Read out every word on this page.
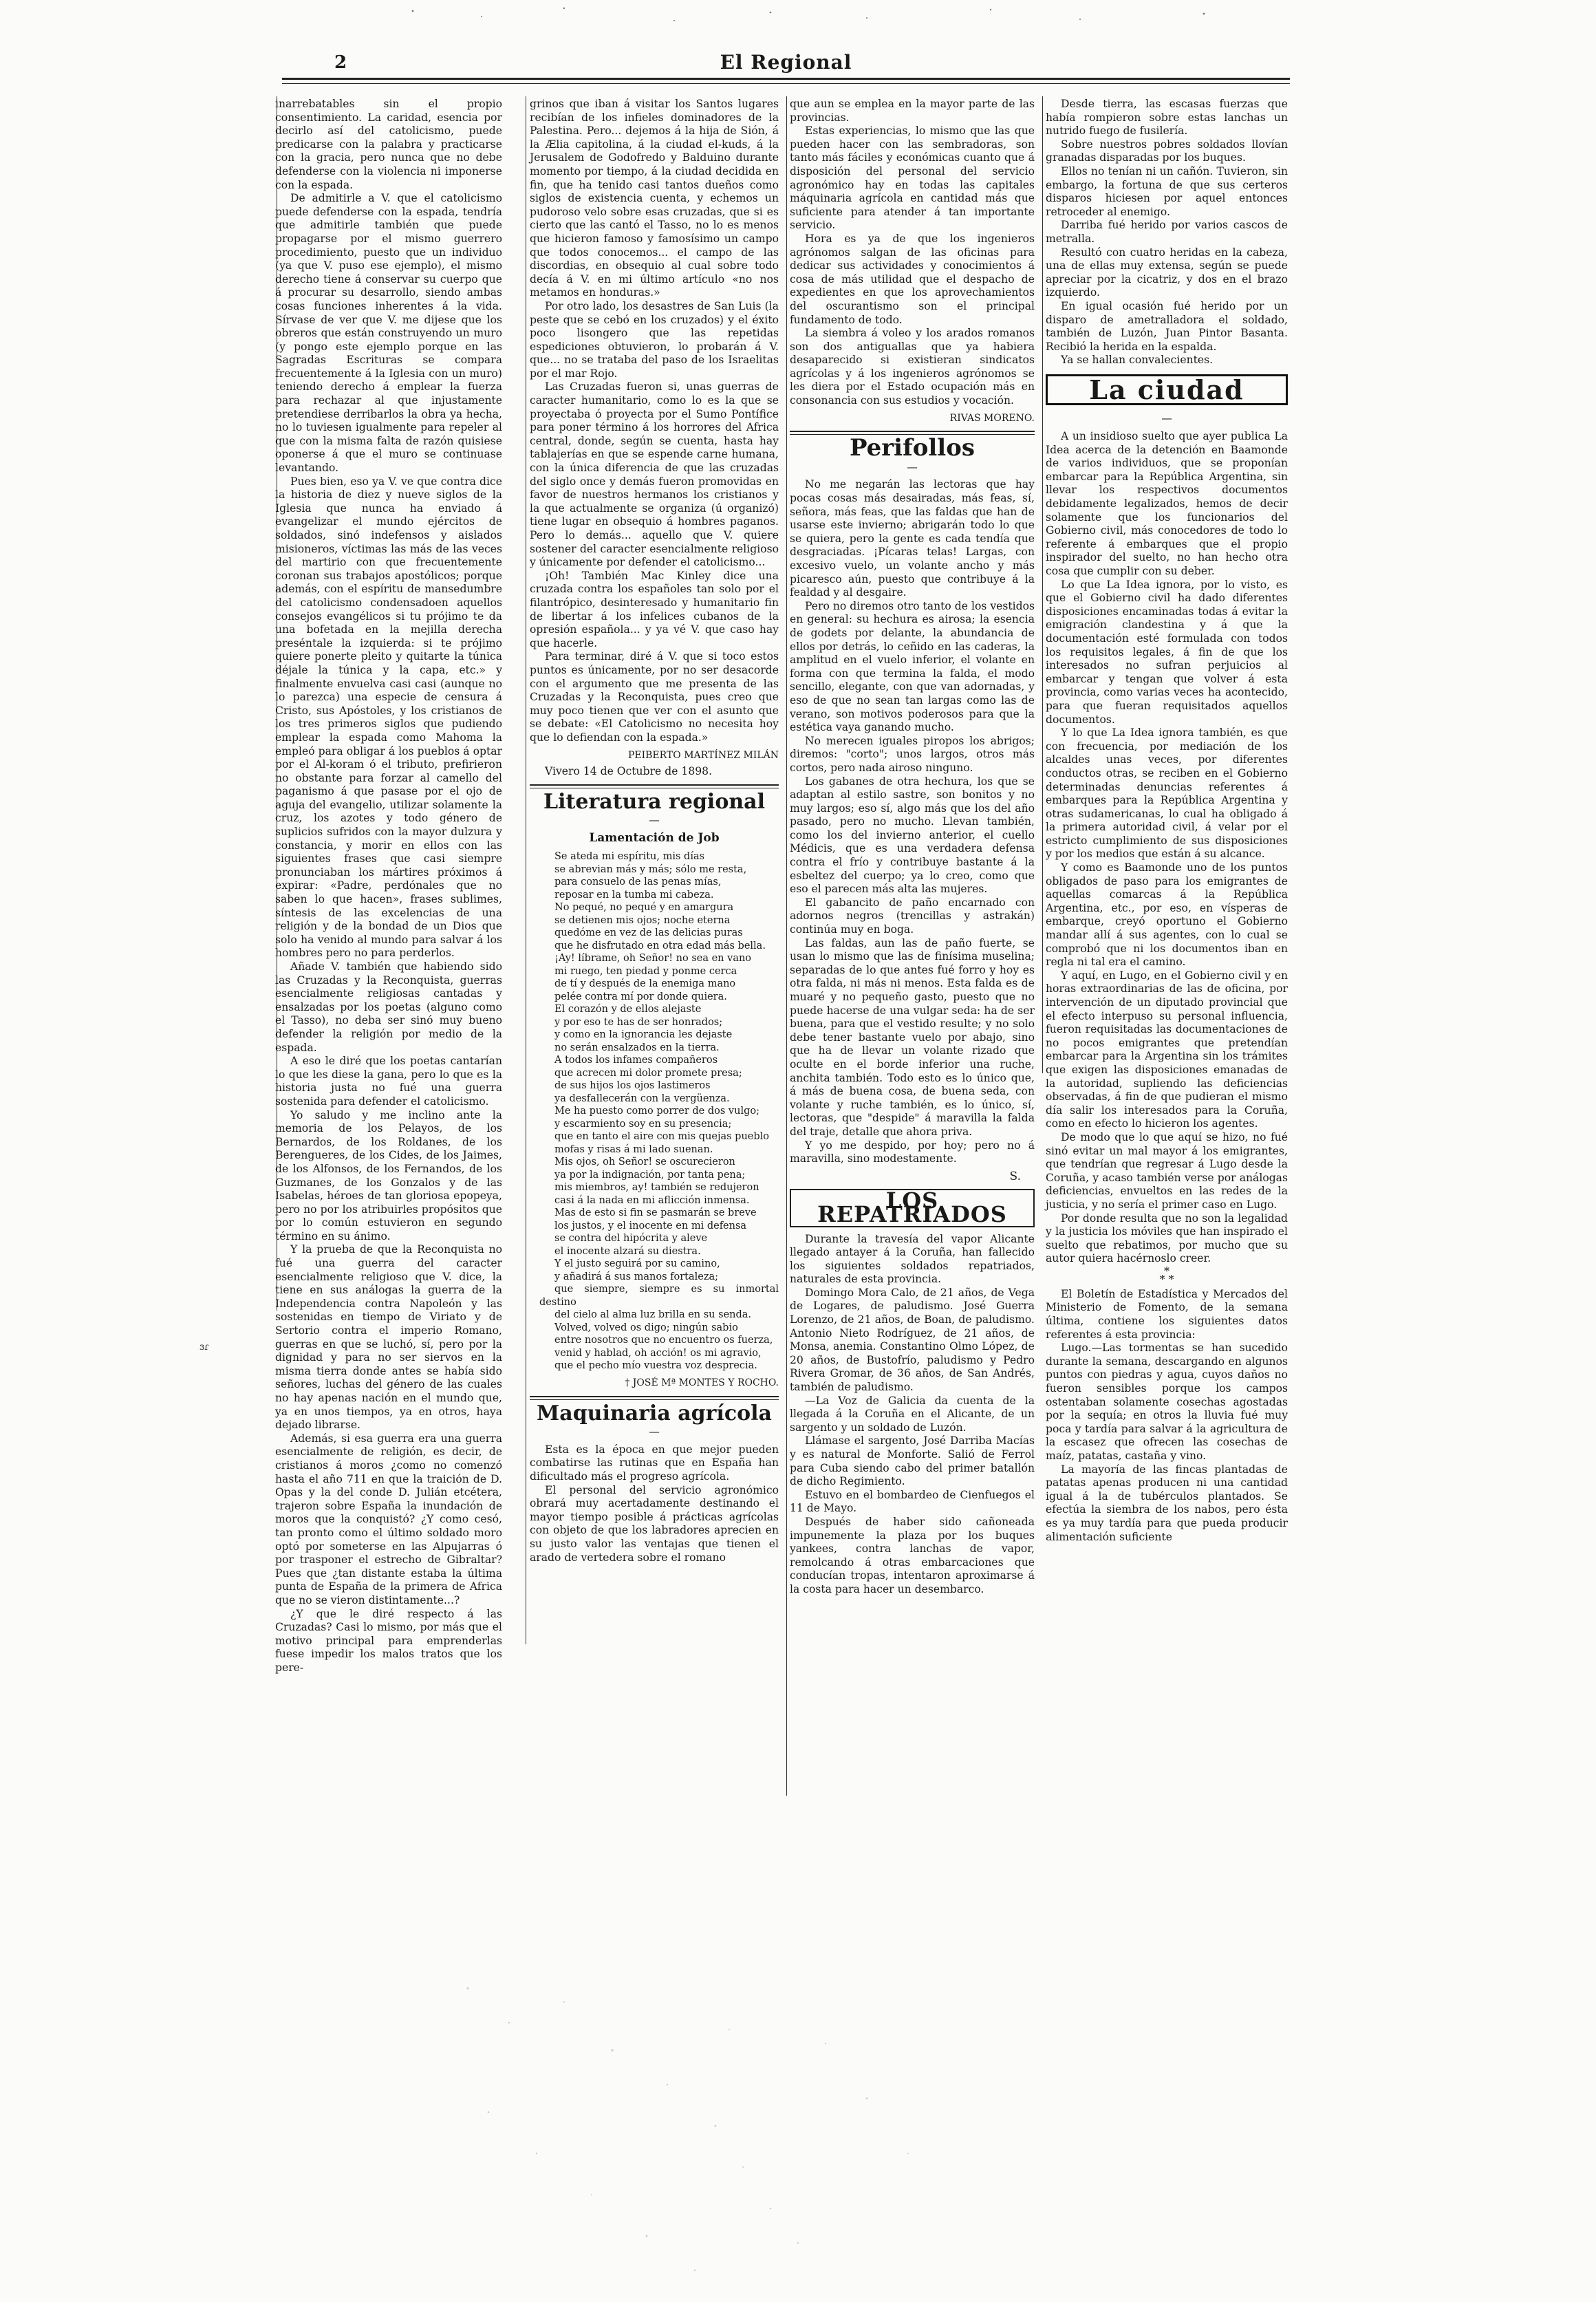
2	El Regional
ɜɾ

inarrebatables sin el propio consentimiento. La caridad, esencia por decirlo así del catolicismo, puede predicarse con la palabra y practicarse con la gracia, pero nunca que no debe defenderse con la violencia ni imponerse con la espada.

De admitirle a V. que el catolicismo puede defenderse con la espada, tendría que admitirle también que puede propagarse por el mismo guerrero procedimiento, puesto que un individuo (ya que V. puso ese ejemplo), el mismo derecho tiene á conservar su cuerpo que á procurar su desarrollo, siendo ambas cosas funciones inherentes á la vida. Sírvase de ver que V. me dijese que los obreros que están construyendo un muro (y pongo este ejemplo porque en las Sagradas Escrituras se compara frecuentemente á la Iglesia con un muro) teniendo derecho á emplear la fuerza para rechazar al que injustamente pretendiese derribarlos la obra ya hecha, no lo tuviesen igualmente para repeler al que con la misma falta de razón quisiese oponerse á que el muro se continuase levantando.

Pues bien, eso ya V. ve que contra dice la historia de diez y nueve siglos de la Iglesia que nunca ha enviado á evangelizar el mundo ejércitos de soldados, sinó indefensos y aislados misioneros, víctimas las más de las veces del martirio con que frecuentemente coronan sus trabajos apostólicos; porque además, con el espíritu de mansedumbre del catolicismo condensadoen aquellos consejos evangélicos si tu prójimo te da una bofetada en la mejilla derecha preséntale la izquierda: si te prójimo quiere ponerte pleito y quitarte la túnica déjale la túnica y la capa, etc.» y finalmente envuelva casi casi (aunque no lo parezca) una especie de censura á Cristo, sus Apóstoles, y los cristianos de los tres primeros siglos que pudiendo emplear la espada como Mahoma la empleó para obligar á los pueblos á optar por el Al-koram ó el tributo, prefirieron no obstante para forzar al camello del paganismo á que pasase por el ojo de aguja del evangelio, utilizar solamente la cruz, los azotes y todo género de suplicios sufridos con la mayor dulzura y constancia, y morir en ellos con las siguientes frases que casi siempre pronunciaban los mártires próximos á expirar: «Padre, perdónales que no saben lo que hacen», frases sublimes, síntesis de las excelencias de una religión y de la bondad de un Dios que solo ha venido al mundo para salvar á los hombres pero no para perderlos.

Añade V. también que habiendo sido las Cruzadas y la Reconquista, guerras esencialmente religiosas cantadas y ensalzadas por los poetas (alguno como el Tasso), no deba ser sinó muy bueno defender la religión por medio de la espada.

A eso le diré que los poetas cantarían lo que les diese la gana, pero lo que es la historia justa no fué una guerra sostenida para defender el catolicismo.

Yo saludo y me inclino ante la memoria de los Pelayos, de los Bernardos, de los Roldanes, de los Berengueres, de los Cides, de los Jaimes, de los Alfonsos, de los Fernandos, de los Guzmanes, de los Gonzalos y de las Isabelas, héroes de tan gloriosa epopeya, pero no por los atribuirles propósitos que por lo común estuvieron en segundo término en su ánimo.

Y la prueba de que la Reconquista no fué una guerra del caracter esencialmente religioso que V. dice, la tiene en sus análogas la guerra de la Independencia contra Napoleón y las sostenidas en tiempo de Viriato y de Sertorio contra el imperio Romano, guerras en que se luchó, sí, pero por la dignidad y para no ser siervos en la misma tierra donde antes se había sido señores, luchas del género de las cuales no hay apenas nación en el mundo que, ya en unos tiempos, ya en otros, haya dejado librarse.

Además, si esa guerra era una guerra esencialmente de religión, es decir, de cristianos á moros ¿como no comenzó hasta el año 711 en que la traición de D. Opas y la del conde D. Julián etcétera, trajeron sobre España la inundación de moros que la conquistó? ¿Y como cesó, tan pronto como el último soldado moro optó por someterse en las Alpujarras ó por trasponer el estrecho de Gibraltar? Pues que ¿tan distante estaba la última punta de España de la primera de Africa que no se vieron distintamente...?

¿Y que le diré respecto á las Cruzadas? Casi lo mismo, por más que el motivo principal para emprenderlas fuese impedir los malos tratos que los pere-

grinos que iban á visitar los Santos lugares recibían de los infieles dominadores de la Palestina. Pero... dejemos á la hija de Sión, á la Ælia capitolina, á la ciudad el-kuds, á la Jerusalem de Godofredo y Balduino durante momento por tiempo, á la ciudad decidida en fin, que ha tenido casi tantos dueños como siglos de existencia cuenta, y echemos un pudoroso velo sobre esas cruzadas, que si es cierto que las cantó el Tasso, no lo es menos que hicieron famoso y famosísimo un campo que todos conocemos... el campo de las discordias, en obsequio al cual sobre todo decía á V. en mi último artículo «no nos metamos en honduras.»

Por otro lado, los desastres de San Luis (la peste que se cebó en los cruzados) y el éxito poco lisongero que las repetidas espediciones obtuvieron, lo probarán á V. que... no se trataba del paso de los Israelitas por el mar Rojo.

Las Cruzadas fueron si, unas guerras de caracter humanitario, como lo es la que se proyectaba ó proyecta por el Sumo Pontífice para poner término á los horrores del Africa central, donde, según se cuenta, hasta hay tablajerías en que se espende carne humana, con la única diferencia de que las cruzadas del siglo once y demás fueron promovidas en favor de nuestros hermanos los cristianos y la que actualmente se organiza (ú organizó) tiene lugar en obsequio á hombres paganos. Pero lo demás... aquello que V. quiere sostener del caracter esencialmente religioso y únicamente por defender el catolicismo...

¡Oh! También Mac Kinley dice una cruzada contra los españoles tan solo por el filantrópico, desinteresado y humanitario fin de libertar á los infelices cubanos de la opresión española... y ya vé V. que caso hay que hacerle.

Para terminar, diré á V. que si toco estos puntos es únicamente, por no ser desacorde con el argumento que me presenta de las Cruzadas y la Reconquista, pues creo que muy poco tienen que ver con el asunto que se debate: «El Catolicismo no necesita hoy que lo defiendan con la espada.»

PEIBERTO MARTÍNEZ MILÁN
Vivero 14 de Octubre de 1898.
Literatura regional
—
Lamentación de Job

Se ateda mi espíritu, mis días

se abrevian más y más; sólo me resta,

para consuelo de las penas mías,

reposar en la tumba mi cabeza.

No pequé, no pequé y en amargura

se detienen mis ojos; noche eterna

quedóme en vez de las delicias puras

que he disfrutado en otra edad más bella.

¡Ay! líbrame, oh Señor! no sea en vano

mi ruego, ten piedad y ponme cerca

de tí y después de la enemiga mano

pelée contra mí por donde quiera.

El corazón y de ellos alejaste

y por eso te has de ser honrados;

y como en la ignorancia les dejaste

no serán ensalzados en la tierra.

A todos los infames compañeros

que acrecen mi dolor promete presa;

de sus hijos los ojos lastimeros

ya desfallecerán con la vergüenza.

Me ha puesto como porrer de dos vulgo;

y escarmiento soy en su presencia;

que en tanto el aire con mis quejas pueblo

mofas y risas á mi lado suenan.

Mis ojos, oh Señor! se oscurecieron

ya por la indignación, por tanta pena;

mis miembros, ay! también se redujeron

casi á la nada en mi aflicción inmensa.

Mas de esto si fin se pasmarán se breve

los justos, y el inocente en mi defensa

se contra del hipócrita y aleve

el inocente alzará su diestra.

Y el justo seguirá por su camino,

y añadirá á sus manos fortaleza;

que siempre, siempre es su inmortal destino

del cielo al alma luz brilla en su senda.

Volved, volved os digo; ningún sabio

entre nosotros que no encuentro os fuerza,

venid y hablad, oh acción! os mi agravio,

que el pecho mío vuestra voz desprecia.

† JOSÉ Mª MONTES Y ROCHO.
Maquinaria agrícola
—

Esta es la época en que mejor pueden combatirse las rutinas que en España han dificultado más el progreso agrícola.

El personal del servicio agronómico obrará muy acertadamente destinando el mayor tiempo posible á prácticas agrícolas con objeto de que los labradores aprecien en su justo valor las ventajas que tienen el arado de vertedera sobre el romano

que aun se emplea en la mayor parte de las provincias.

Estas experiencias, lo mismo que las que pueden hacer con las sembradoras, son tanto más fáciles y económicas cuanto que á disposición del personal del servicio agronómico hay en todas las capitales máquinaria agrícola en cantidad más que suficiente para atender á tan importante servicio.

Hora es ya de que los ingenieros agrónomos salgan de las oficinas para dedicar sus actividades y conocimientos á cosa de más utilidad que el despacho de expedientes en que los aprovechamientos del oscurantismo son el principal fundamento de todo.

La siembra á voleo y los arados romanos son dos antiguallas que ya habiera desaparecido si existieran sindicatos agrícolas y á los ingenieros agrónomos se les diera por el Estado ocupación más en consonancia con sus estudios y vocación.

RIVAS MORENO.
Perifollos
—

No me negarán las lectoras que hay pocas cosas más desairadas, más feas, sí, señora, más feas, que las faldas que han de usarse este invierno; abrigarán todo lo que se quiera, pero la gente es cada tendía que desgraciadas. ¡Pícaras telas! Largas, con excesivo vuelo, un volante ancho y más picaresco aún, puesto que contribuye á la fealdad y al desgaire.

Pero no diremos otro tanto de los vestidos en general: su hechura es airosa; la esencia de godets por delante, la abundancia de ellos por detrás, lo ceñido en las caderas, la amplitud en el vuelo inferior, el volante en forma con que termina la falda, el modo sencillo, elegante, con que van adornadas, y eso de que no sean tan largas como las de verano, son motivos poderosos para que la estética vaya ganando mucho.

No merecen iguales piropos los abrigos; diremos: "corto"; unos largos, otros más cortos, pero nada airoso ninguno.

Los gabanes de otra hechura, los que se adaptan al estilo sastre, son bonitos y no muy largos; eso sí, algo más que los del año pasado, pero no mucho. Llevan también, como los del invierno anterior, el cuello Médicis, que es una verdadera defensa contra el frío y contribuye bastante á la esbeltez del cuerpo; ya lo creo, como que eso el parecen más alta las mujeres.

El gabancito de paño encarnado con adornos negros (trencillas y astrakán) continúa muy en boga.

Las faldas, aun las de paño fuerte, se usan lo mismo que las de finísima muselina; separadas de lo que antes fué forro y hoy es otra falda, ni más ni menos. Esta falda es de muaré y no pequeño gasto, puesto que no puede hacerse de una vulgar seda: ha de ser buena, para que el vestido resulte; y no solo debe tener bastante vuelo por abajo, sino que ha de llevar un volante rizado que oculte en el borde inferior una ruche, anchita también. Todo esto es lo único que, á más de buena cosa, de buena seda, con volante y ruche también, es lo único, sí, lectoras, que "despide" á maravilla la falda del traje, detalle que ahora priva.

Y yo me despido, por hoy; pero no á maravilla, sino modestamente.

S.
LOS REPATRIADOS

Durante la travesía del vapor Alicante llegado antayer á la Coruña, han fallecido los siguientes soldados repatriados, naturales de esta provincia.

Domingo Mora Calo, de 21 años, de Vega de Logares, de paludismo. José Guerra Lorenzo, de 21 años, de Boan, de paludismo. Antonio Nieto Rodríguez, de 21 años, de Monsa, anemia. Constantino Olmo López, de 20 años, de Bustofrío, paludismo y Pedro Rivera Gromar, de 36 años, de San Andrés, también de paludismo.

—La Voz de Galicia da cuenta de la llegada á la Coruña en el Alicante, de un sargento y un soldado de Luzón.

Llámase el sargento, José Darriba Macías y es natural de Monforte. Salió de Ferrol para Cuba siendo cabo del primer batallón de dicho Regimiento.

Estuvo en el bombardeo de Cienfuegos el 11 de Mayo.

Después de haber sido cañoneada impunemente la plaza por los buques yankees, contra lanchas de vapor, remolcando á otras embarcaciones que conducían tropas, intentaron aproximarse á la costa para hacer un desembarco.

Desde tierra, las escasas fuerzas que había rompieron sobre estas lanchas un nutrido fuego de fusilería.

Sobre nuestros pobres soldados llovían granadas disparadas por los buques.

Ellos no tenían ni un cañón. Tuvieron, sin embargo, la fortuna de que sus certeros disparos hiciesen por aquel entonces retroceder al enemigo.

Darriba fué herido por varios cascos de metralla.

Resultó con cuatro heridas en la cabeza, una de ellas muy extensa, según se puede apreciar por la cicatriz, y dos en el brazo izquierdo.

En igual ocasión fué herido por un disparo de ametralladora el soldado, también de Luzón, Juan Pintor Basanta. Recibió la herida en la espalda.

Ya se hallan convalecientes.

La ciudad
—

A un insidioso suelto que ayer publica La Idea acerca de la detención en Baamonde de varios individuos, que se proponían embarcar para la República Argentina, sin llevar los respectivos documentos debidamente legalizados, hemos de decir solamente que los funcionarios del Gobierno civil, más conocedores de todo lo referente á embarques que el propio inspirador del suelto, no han hecho otra cosa que cumplir con su deber.

Lo que La Idea ignora, por lo visto, es que el Gobierno civil ha dado diferentes disposiciones encaminadas todas á evitar la emigración clandestina y á que la documentación esté formulada con todos los requisitos legales, á fin de que los interesados no sufran perjuicios al embarcar y tengan que volver á esta provincia, como varias veces ha acontecido, para que fueran requisitados aquellos documentos.

Y lo que La Idea ignora también, es que con frecuencia, por mediación de los alcaldes unas veces, por diferentes conductos otras, se reciben en el Gobierno determinadas denuncias referentes á embarques para la República Argentina y otras sudamericanas, lo cual ha obligado á la primera autoridad civil, á velar por el estricto cumplimiento de sus disposiciones y por los medios que están á su alcance.

Y como es Baamonde uno de los puntos obligados de paso para los emigrantes de aquellas comarcas á la República Argentina, etc., por eso, en vísperas de embarque, creyó oportuno el Gobierno mandar allí á sus agentes, con lo cual se comprobó que ni los documentos iban en regla ni tal era el camino.

Y aquí, en Lugo, en el Gobierno civil y en horas extraordinarias de las de oficina, por intervención de un diputado provincial que el efecto interpuso su personal influencia, fueron requisitadas las documentaciones de no pocos emigrantes que pretendían embarcar para la Argentina sin los trámites que exigen las disposiciones emanadas de la autoridad, supliendo las deficiencias observadas, á fin de que pudieran el mismo día salir los interesados para la Coruña, como en efecto lo hicieron los agentes.

De modo que lo que aquí se hizo, no fué sinó evitar un mal mayor á los emigrantes, que tendrían que regresar á Lugo desde la Coruña, y acaso también verse por análogas deficiencias, envueltos en las redes de la justicia, y no sería el primer caso en Lugo.

Por donde resulta que no son la legalidad y la justicia los móviles que han inspirado el suelto que rebatimos, por mucho que su autor quiera hacérnoslo creer.

*
* *

El Boletín de Estadística y Mercados del Ministerio de Fomento, de la semana última, contiene los siguientes datos referentes á esta provincia:

Lugo.—Las tormentas se han sucedido durante la semana, descargando en algunos puntos con piedras y agua, cuyos daños no fueron sensibles porque los campos ostentaban solamente cosechas agostadas por la sequía; en otros la lluvia fué muy poca y tardía para salvar á la agricultura de la escasez que ofrecen las cosechas de maíz, patatas, castaña y vino.

La mayoría de las fincas plantadas de patatas apenas producen ni una cantidad igual á la de tubérculos plantados. Se efectúa la siembra de los nabos, pero ésta es ya muy tardía para que pueda producir alimentación suficiente
